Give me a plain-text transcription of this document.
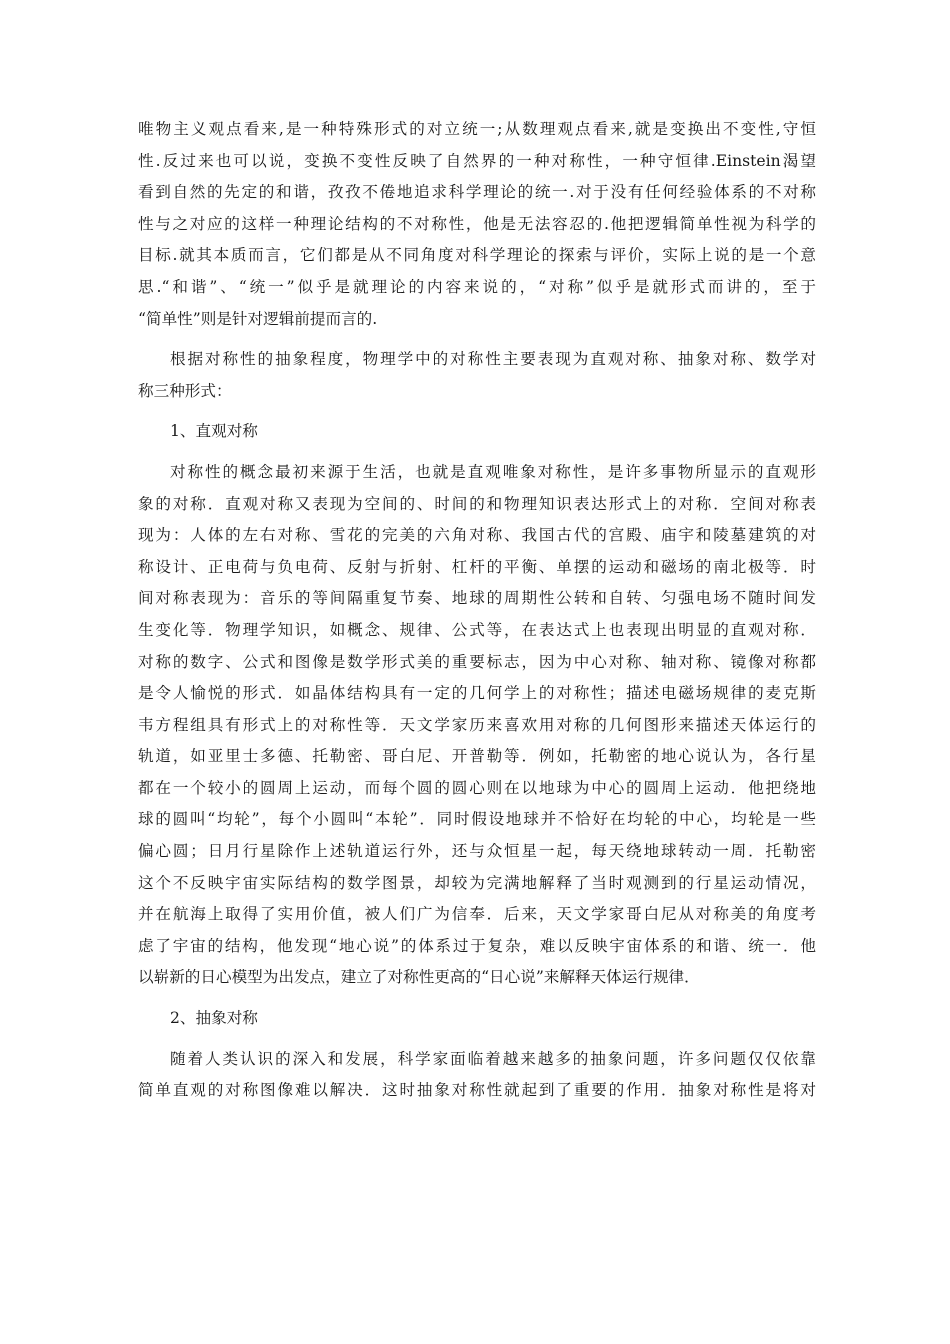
唯物主义观点看来,是一种特殊形式的对立统一;从数理观点看来,就是变换出不变性,守恒
性.反过来也可以说，变换不变性反映了自然界的一种对称性，一种守恒律.Einstein渴望
看到自然的先定的和谐，孜孜不倦地追求科学理论的统一.对于没有任何经验体系的不对称
性与之对应的这样一种理论结构的不对称性，他是无法容忍的.他把逻辑简单性视为科学的
目标.就其本质而言，它们都是从不同角度对科学理论的探索与评价，实际上说的是一个意
思.“和谐”、“统一”似乎是就理论的内容来说的，“对称”似乎是就形式而讲的，至于
“简单性”则是针对逻辑前提而言的.
根据对称性的抽象程度，物理学中的对称性主要表现为直观对称、抽象对称、数学对
称三种形式：
1、直观对称
对称性的概念最初来源于生活，也就是直观唯象对称性，是许多事物所显示的直观形
象的对称．直观对称又表现为空间的、时间的和物理知识表达形式上的对称．空间对称表
现为：人体的左右对称、雪花的完美的六角对称、我国古代的宫殿、庙宇和陵墓建筑的对
称设计、正电荷与负电荷、反射与折射、杠杆的平衡、单摆的运动和磁场的南北极等．时
间对称表现为：音乐的等间隔重复节奏、地球的周期性公转和自转、匀强电场不随时间发
生变化等．物理学知识，如概念、规律、公式等，在表达式上也表现出明显的直观对称．
对称的数字、公式和图像是数学形式美的重要标志，因为中心对称、轴对称、镜像对称都
是令人愉悦的形式．如晶体结构具有一定的几何学上的对称性；描述电磁场规律的麦克斯
韦方程组具有形式上的对称性等．天文学家历来喜欢用对称的几何图形来描述天体运行的
轨道，如亚里士多德、托勒密、哥白尼、开普勒等．例如，托勒密的地心说认为，各行星
都在一个较小的圆周上运动，而每个圆的圆心则在以地球为中心的圆周上运动．他把绕地
球的圆叫“均轮”，每个小圆叫“本轮”．同时假设地球并不恰好在均轮的中心，均轮是一些
偏心圆；日月行星除作上述轨道运行外，还与众恒星一起，每天绕地球转动一周．托勒密
这个不反映宇宙实际结构的数学图景，却较为完满地解释了当时观测到的行星运动情况，
并在航海上取得了实用价值，被人们广为信奉．后来，天文学家哥白尼从对称美的角度考
虑了宇宙的结构，他发现“地心说”的体系过于复杂，难以反映宇宙体系的和谐、统一．他
以崭新的日心模型为出发点，建立了对称性更高的“日心说”来解释天体运行规律．
2、抽象对称
随着人类认识的深入和发展，科学家面临着越来越多的抽象问题，许多问题仅仅依靠
简单直观的对称图像难以解决．这时抽象对称性就起到了重要的作用．抽象对称性是将对
